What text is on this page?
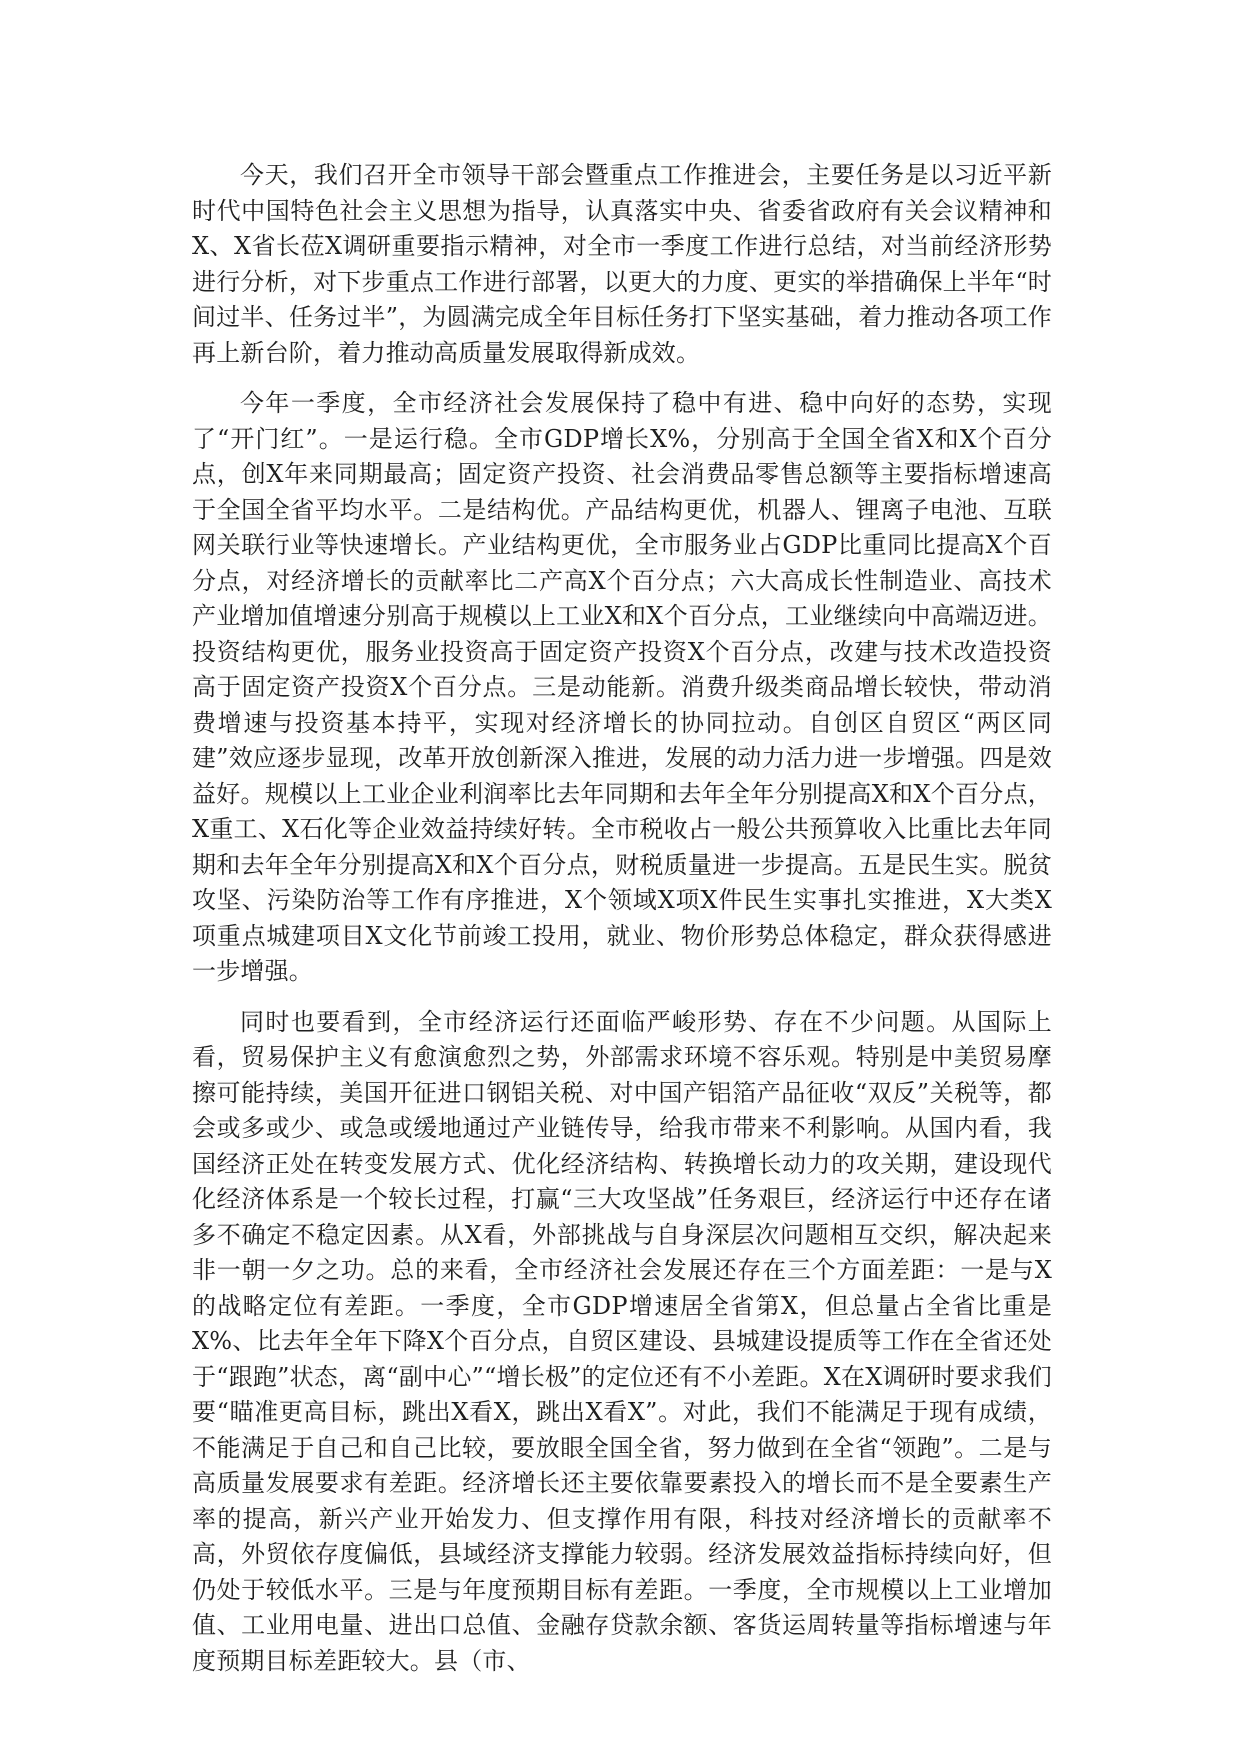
今天，我们召开全市领导干部会暨重点工作推进会，主要任务是以习近平新时代中国特色社会主义思想为指导，认真落实中央、省委省政府有关会议精神和X、X省长莅X调研重要指示精神，对全市一季度工作进行总结，对当前经济形势进行分析，对下步重点工作进行部署，以更大的力度、更实的举措确保上半年“时间过半、任务过半”，为圆满完成全年目标任务打下坚实基础，着力推动各项工作再上新台阶，着力推动高质量发展取得新成效。

今年一季度，全市经济社会发展保持了稳中有进、稳中向好的态势，实现了“开门红”。一是运行稳。全市GDP增长X%，分别高于全国全省X和X个百分点，创X年来同期最高；固定资产投资、社会消费品零售总额等主要指标增速高于全国全省平均水平。二是结构优。产品结构更优，机器人、锂离子电池、互联网关联行业等快速增长。产业结构更优，全市服务业占GDP比重同比提高X个百分点，对经济增长的贡献率比二产高X个百分点；六大高成长性制造业、高技术产业增加值增速分别高于规模以上工业X和X个百分点，工业继续向中高端迈进。投资结构更优，服务业投资高于固定资产投资X个百分点，改建与技术改造投资高于固定资产投资X个百分点。三是动能新。消费升级类商品增长较快，带动消费增速与投资基本持平，实现对经济增长的协同拉动。自创区自贸区“两区同建”效应逐步显现，改革开放创新深入推进，发展的动力活力进一步增强。四是效益好。规模以上工业企业利润率比去年同期和去年全年分别提高X和X个百分点，X重工、X石化等企业效益持续好转。全市税收占一般公共预算收入比重比去年同期和去年全年分别提高X和X个百分点，财税质量进一步提高。五是民生实。脱贫攻坚、污染防治等工作有序推进，X个领域X项X件民生实事扎实推进，X大类X项重点城建项目X文化节前竣工投用，就业、物价形势总体稳定，群众获得感进一步增强。

同时也要看到，全市经济运行还面临严峻形势、存在不少问题。从国际上看，贸易保护主义有愈演愈烈之势，外部需求环境不容乐观。特别是中美贸易摩擦可能持续，美国开征进口钢铝关税、对中国产铝箔产品征收“双反”关税等，都会或多或少、或急或缓地通过产业链传导，给我市带来不利影响。从国内看，我国经济正处在转变发展方式、优化经济结构、转换增长动力的攻关期，建设现代化经济体系是一个较长过程，打赢“三大攻坚战”任务艰巨，经济运行中还存在诸多不确定不稳定因素。从X看，外部挑战与自身深层次问题相互交织，解决起来非一朝一夕之功。总的来看，全市经济社会发展还存在三个方面差距：一是与X的战略定位有差距。一季度，全市GDP增速居全省第X，但总量占全省比重是X%、比去年全年下降X个百分点，自贸区建设、县城建设提质等工作在全省还处于“跟跑”状态，离“副中心”“增长极”的定位还有不小差距。X在X调研时要求我们要“瞄准更高目标，跳出X看X，跳出X看X”。对此，我们不能满足于现有成绩，不能满足于自己和自己比较，要放眼全国全省，努力做到在全省“领跑”。二是与高质量发展要求有差距。经济增长还主要依靠要素投入的增长而不是全要素生产率的提高，新兴产业开始发力、但支撑作用有限，科技对经济增长的贡献率不高，外贸依存度偏低，县域经济支撑能力较弱。经济发展效益指标持续向好，但仍处于较低水平。三是与年度预期目标有差距。一季度，全市规模以上工业增加值、工业用电量、进出口总值、金融存贷款余额、客货运周转量等指标增速与年度预期目标差距较大。县（市、
